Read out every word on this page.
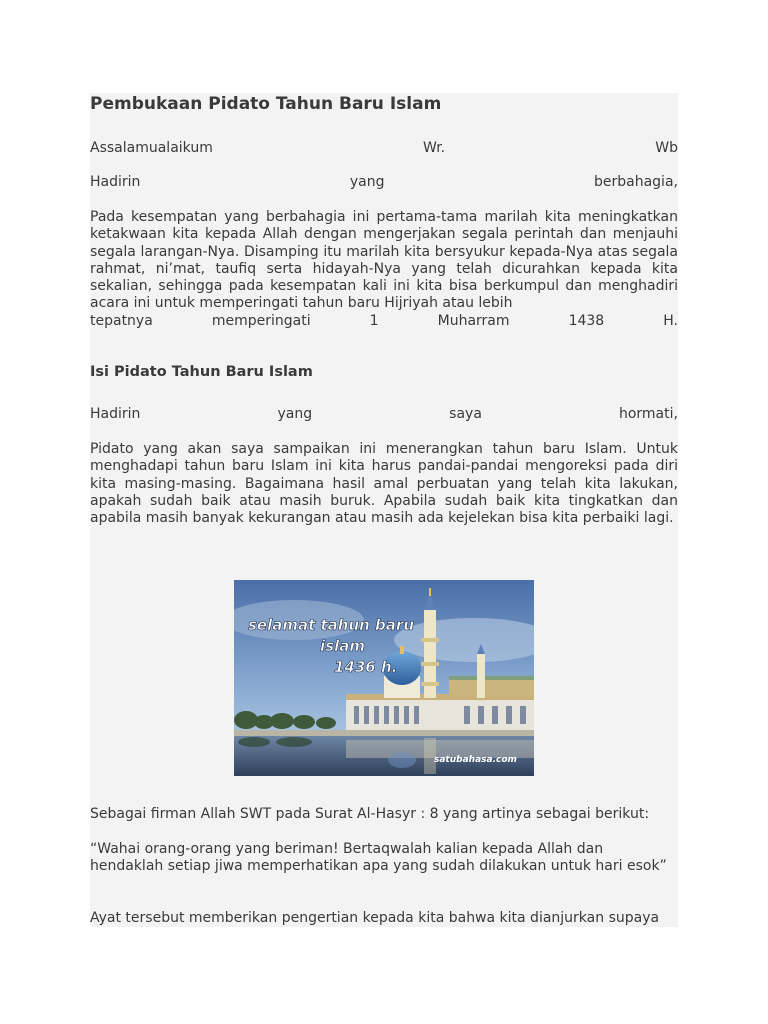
Pembukaan Pidato Tahun Baru Islam

Assalamualaikum	Wr.	Wb

Hadirin	yang	berbahagia,

Pada kesempatan yang berbahagia ini pertama-tama marilah kita meningkatkan ketakwaan kita kepada Allah dengan mengerjakan segala perintah dan menjauhi segala larangan-Nya. Disamping itu marilah kita bersyukur kepada-Nya atas segala rahmat, ni’mat, taufiq serta hidayah-Nya yang telah dicurahkan kepada kita sekalian, sehingga pada kesempatan kali ini kita bisa berkumpul dan menghadiri acara ini untuk memperingati tahun baru Hijriyah atau lebih

tepatnya	memperingati	1	Muharram	1438	H.

Isi Pidato Tahun Baru Islam

Hadirin	yang	saya	hormati,

Pidato yang akan saya sampaikan ini menerangkan tahun baru Islam. Untuk menghadapi tahun baru Islam ini kita harus pandai-pandai mengoreksi pada diri kita masing-masing. Bagaimana hasil amal perbuatan yang telah kita lakukan, apakah sudah baik atau masih buruk. Apabila sudah baik kita tingkatkan dan apabila masih banyak kekurangan atau masih ada kejelekan bisa kita perbaiki lagi.

selamat tahun baru
islam
1436 h.
satubahasa.com

Sebagai firman Allah SWT pada Surat Al-Hasyr : 8 yang artinya sebagai berikut:

“Wahai orang-orang yang beriman! Bertaqwalah kalian kepada Allah dan hendaklah setiap jiwa memperhatikan apa yang sudah dilakukan untuk hari esok”

Ayat tersebut memberikan pengertian kepada kita bahwa kita dianjurkan supaya
